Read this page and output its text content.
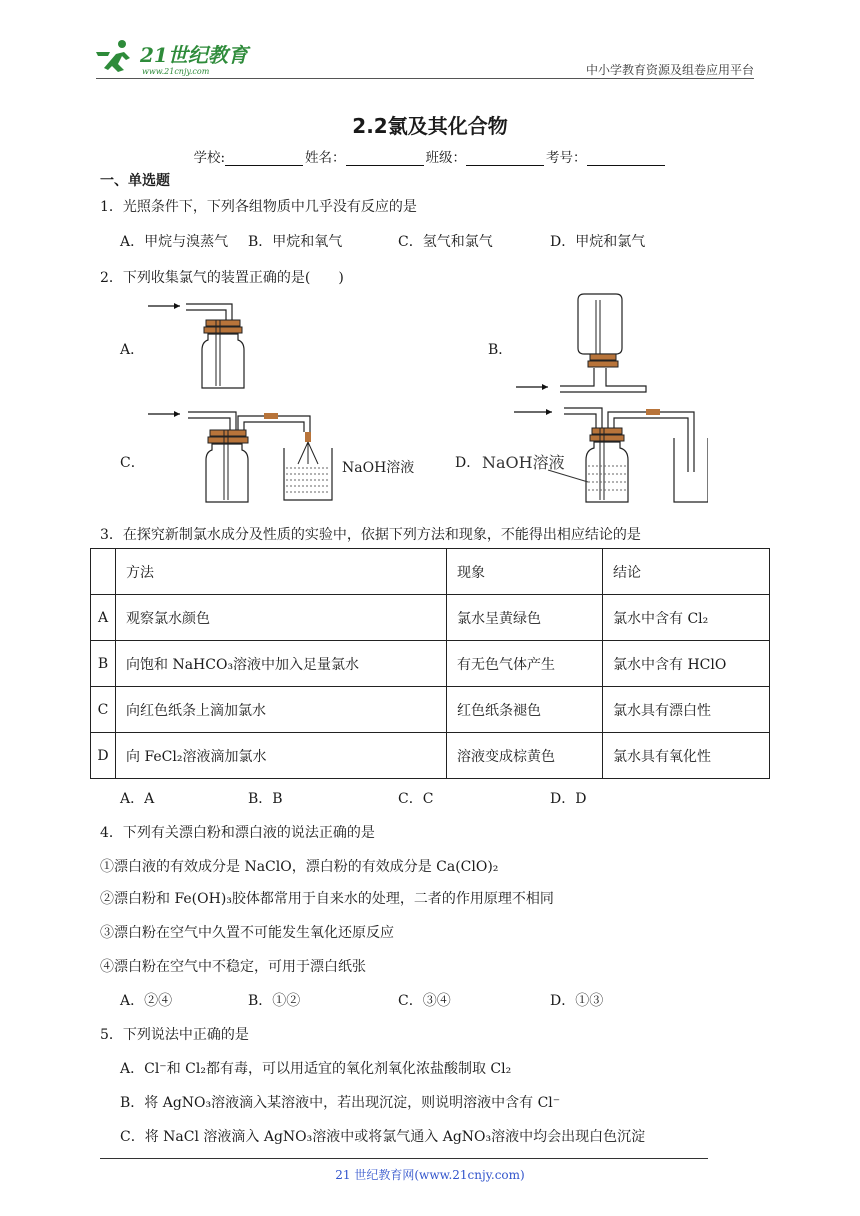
21世纪教育
www.21cnjy.com	中小学教育资源及组卷应用平台
2.2氯及其化合物
学校:	姓名：	班级：	考号：
一、单选题
1．光照条件下，下列各组物质中几乎没有反应的是
A．甲烷与溴蒸气 B．甲烷和氧气	C．氢气和氯气	D．甲烷和氯气
2．下列收集氯气的装置正确的是(　　)
A．	B．
C．	D．
NaOH溶液	NaOH溶液
3．在探究新制氯水成分及性质的实验中，依据下列方法和现象，不能得出相应结论的是
	方法	现象	结论
A	观察氯水颜色	氯水呈黄绿色	氯水中含有 Cl₂
B	向饱和 NaHCO₃溶液中加入足量氯水	有无色气体产生	氯水中含有 HClO
C	向红色纸条上滴加氯水	红色纸条褪色	氯水具有漂白性
D	向 FeCl₂溶液滴加氯水	溶液变成棕黄色	氯水具有氧化性
A．A	B．B	C．C	D．D
4．下列有关漂白粉和漂白液的说法正确的是
①漂白液的有效成分是 NaClO，漂白粉的有效成分是 Ca(ClO)₂
②漂白粉和 Fe(OH)₃胶体都常用于自来水的处理，二者的作用原理不相同
③漂白粉在空气中久置不可能发生氧化还原反应
④漂白粉在空气中不稳定，可用于漂白纸张
A．②④	B．①②	C．③④	D．①③
5．下列说法中正确的是
A．Cl⁻和 Cl₂都有毒，可以用适宜的氧化剂氧化浓盐酸制取 Cl₂
B．将 AgNO₃溶液滴入某溶液中，若出现沉淀，则说明溶液中含有 Cl⁻
C．将 NaCl 溶液滴入 AgNO₃溶液中或将氯气通入 AgNO₃溶液中均会出现白色沉淀
21 世纪教育网(www.21cnjy.com)
